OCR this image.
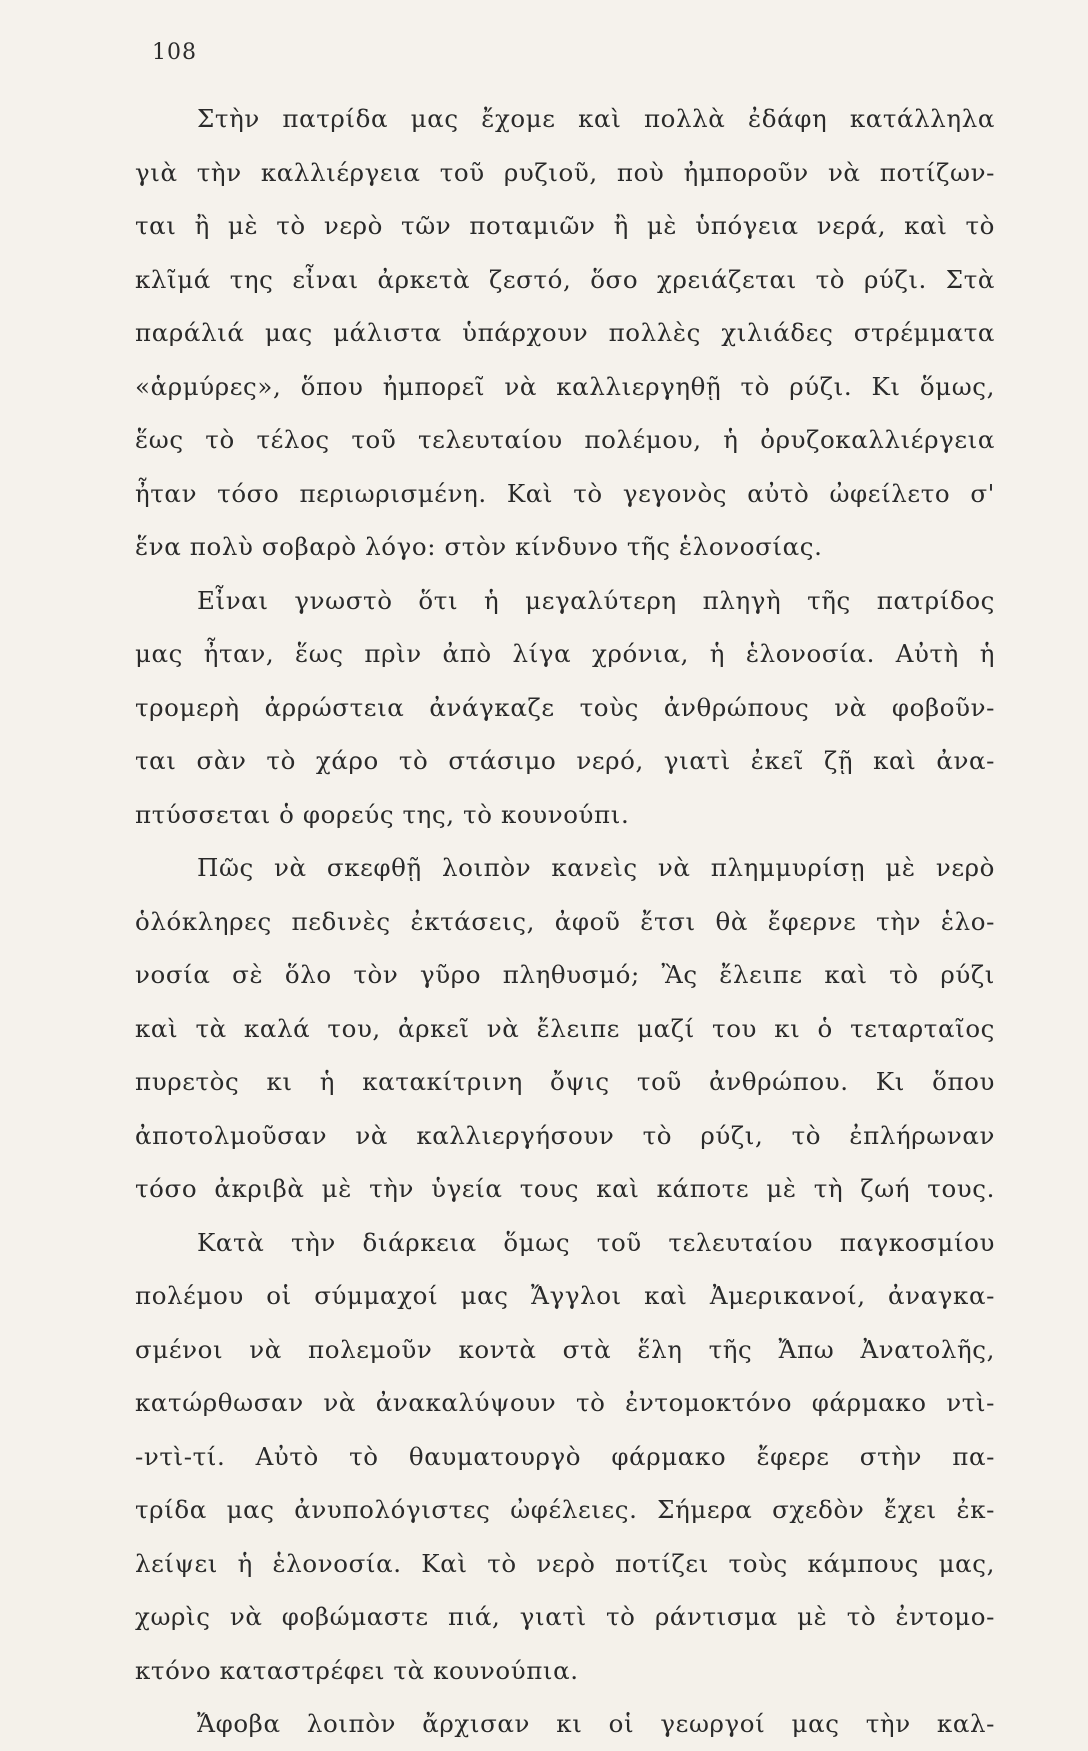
108
Στὴν πατρίδα μας ἔχομε καὶ πολλὰ ἐδάφη κατάλληλα
γιὰ τὴν καλλιέργεια τοῦ ρυζιοῦ, ποὺ ἠμποροῦν νὰ ποτίζων-
ται ἢ μὲ τὸ νερὸ τῶν ποταμιῶν ἢ μὲ ὑπόγεια νερά, καὶ τὸ
κλῖμά της εἶναι ἀρκετὰ ζεστό, ὅσο χρειάζεται τὸ ρύζι. Στὰ
παράλιά μας μάλιστα ὑπάρχουν πολλὲς χιλιάδες στρέμματα
«ἁρμύρες», ὅπου ἠμπορεῖ νὰ καλλιεργηθῇ τὸ ρύζι. Κι ὅμως,
ἕως τὸ τέλος τοῦ τελευταίου πολέμου, ἡ ὀρυζοκαλλιέργεια
ἦταν τόσο περιωρισμένη. Καὶ τὸ γεγονὸς αὐτὸ ὠφείλετο σ'
ἕνα πολὺ σοβαρὸ λόγο: στὸν κίνδυνο τῆς ἑλονοσίας.
Εἶναι γνωστὸ ὅτι ἡ μεγαλύτερη πληγὴ τῆς πατρίδος
μας ἦταν, ἕως πρὶν ἀπὸ λίγα χρόνια, ἡ ἑλονοσία. Αὐτὴ ἡ
τρομερὴ ἀρρώστεια ἀνάγκαζε τοὺς ἀνθρώπους νὰ φοβοῦν-
ται σὰν τὸ χάρο τὸ στάσιμο νερό, γιατὶ ἐκεῖ ζῇ καὶ ἀνα-
πτύσσεται ὁ φορεύς της, τὸ κουνούπι.
Πῶς νὰ σκεφθῇ λοιπὸν κανεὶς νὰ πλημμυρίσῃ μὲ νερὸ
ὁλόκληρες πεδινὲς ἐκτάσεις, ἀφοῦ ἔτσι θὰ ἔφερνε τὴν ἑλο-
νοσία σὲ ὅλο τὸν γῦρο πληθυσμό; Ἂς ἔλειπε καὶ τὸ ρύζι
καὶ τὰ καλά του, ἀρκεῖ νὰ ἔλειπε μαζί του κι ὁ τεταρταῖος
πυρετὸς κι ἡ κατακίτρινη ὄψις τοῦ ἀνθρώπου. Κι ὅπου
ἀποτολμοῦσαν νὰ καλλιεργήσουν τὸ ρύζι, τὸ ἐπλήρωναν
τόσο ἀκριβὰ μὲ τὴν ὑγεία τους καὶ κάποτε μὲ τὴ ζωή τους.
Κατὰ τὴν διάρκεια ὅμως τοῦ τελευταίου παγκοσμίου
πολέμου οἱ σύμμαχοί μας Ἄγγλοι καὶ Ἀμερικανοί, ἀναγκα-
σμένοι νὰ πολεμοῦν κοντὰ στὰ ἕλη τῆς Ἄπω Ἀνατολῆς,
κατώρθωσαν νὰ ἀνακαλύψουν τὸ ἐντομοκτόνο φάρμακο ντὶ-
-ντὶ-τί. Αὐτὸ τὸ θαυματουργὸ φάρμακο ἔφερε στὴν πα-
τρίδα μας ἀνυπολόγιστες ὠφέλειες. Σήμερα σχεδὸν ἔχει ἐκ-
λείψει ἡ ἑλονοσία. Καὶ τὸ νερὸ ποτίζει τοὺς κάμπους μας,
χωρὶς νὰ φοβώμαστε πιά, γιατὶ τὸ ράντισμα μὲ τὸ ἐντομο-
κτόνο καταστρέφει τὰ κουνούπια.
Ἄφοβα λοιπὸν ἄρχισαν κι οἱ γεωργοί μας τὴν καλ-
